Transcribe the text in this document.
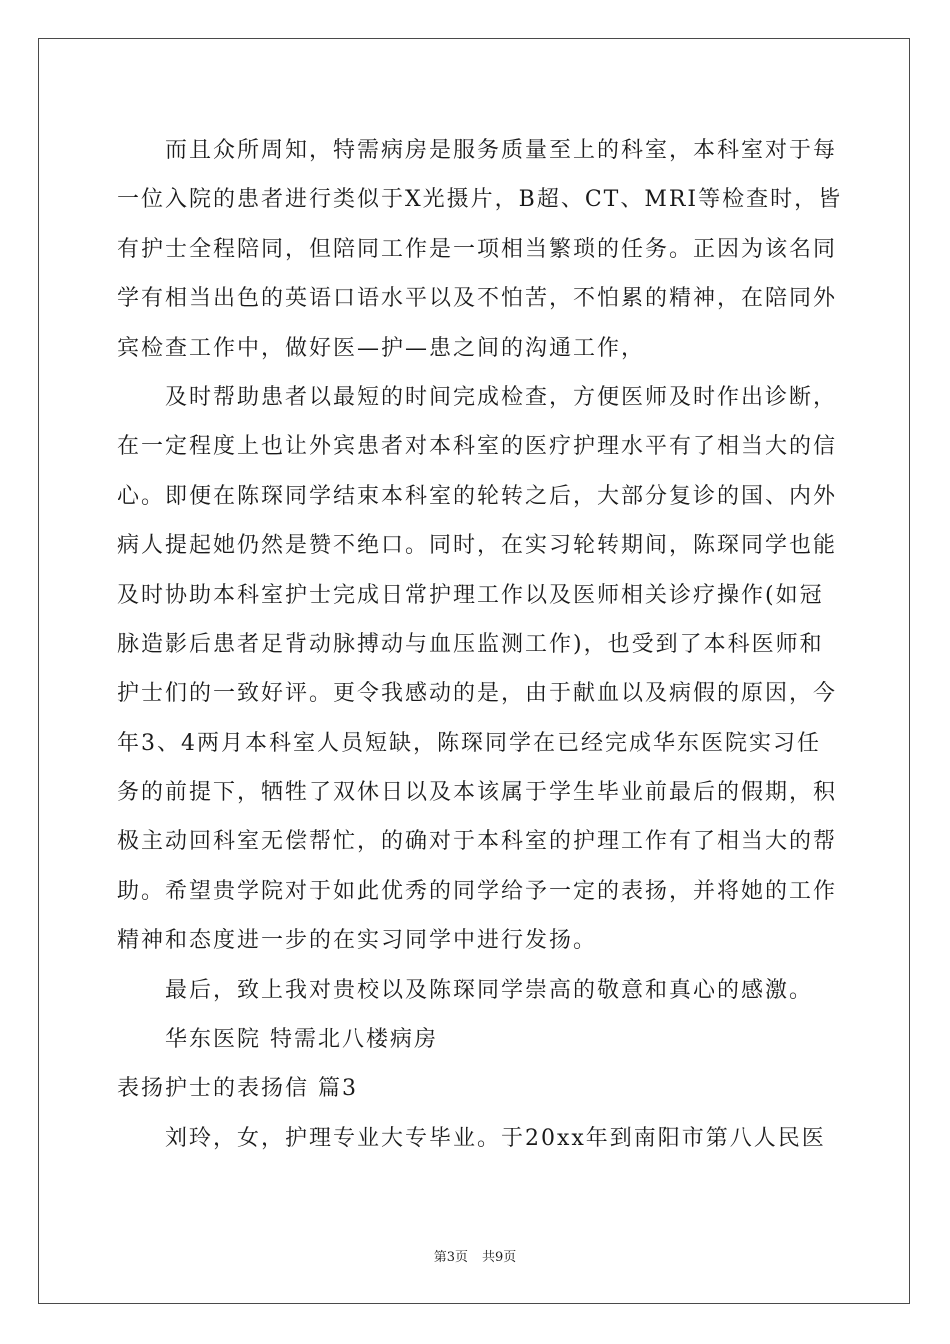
而且众所周知，特需病房是服务质量至上的科室，本科室对于每
一位入院的患者进行类似于X光摄片，B超、CT、MRI等检查时，皆
有护士全程陪同，但陪同工作是一项相当繁琐的任务。正因为该名同
学有相当出色的英语口语水平以及不怕苦，不怕累的精神，在陪同外
宾检查工作中，做好医—护—患之间的沟通工作，
及时帮助患者以最短的时间完成检查，方便医师及时作出诊断，
在一定程度上也让外宾患者对本科室的医疗护理水平有了相当大的信
心。即便在陈琛同学结束本科室的轮转之后，大部分复诊的国、内外
病人提起她仍然是赞不绝口。同时，在实习轮转期间，陈琛同学也能
及时协助本科室护士完成日常护理工作以及医师相关诊疗操作(如冠
脉造影后患者足背动脉搏动与血压监测工作)，也受到了本科医师和
护士们的一致好评。更令我感动的是，由于献血以及病假的原因，今
年3、4两月本科室人员短缺，陈琛同学在已经完成华东医院实习任
务的前提下，牺牲了双休日以及本该属于学生毕业前最后的假期，积
极主动回科室无偿帮忙，的确对于本科室的护理工作有了相当大的帮
助。希望贵学院对于如此优秀的同学给予一定的表扬，并将她的工作
精神和态度进一步的在实习同学中进行发扬。
最后，致上我对贵校以及陈琛同学崇高的敬意和真心的感激。
华东医院 特需北八楼病房
表扬护士的表扬信 篇3
刘玲，女，护理专业大专毕业。于20xx年到南阳市第八人民医
第3页 共9页
